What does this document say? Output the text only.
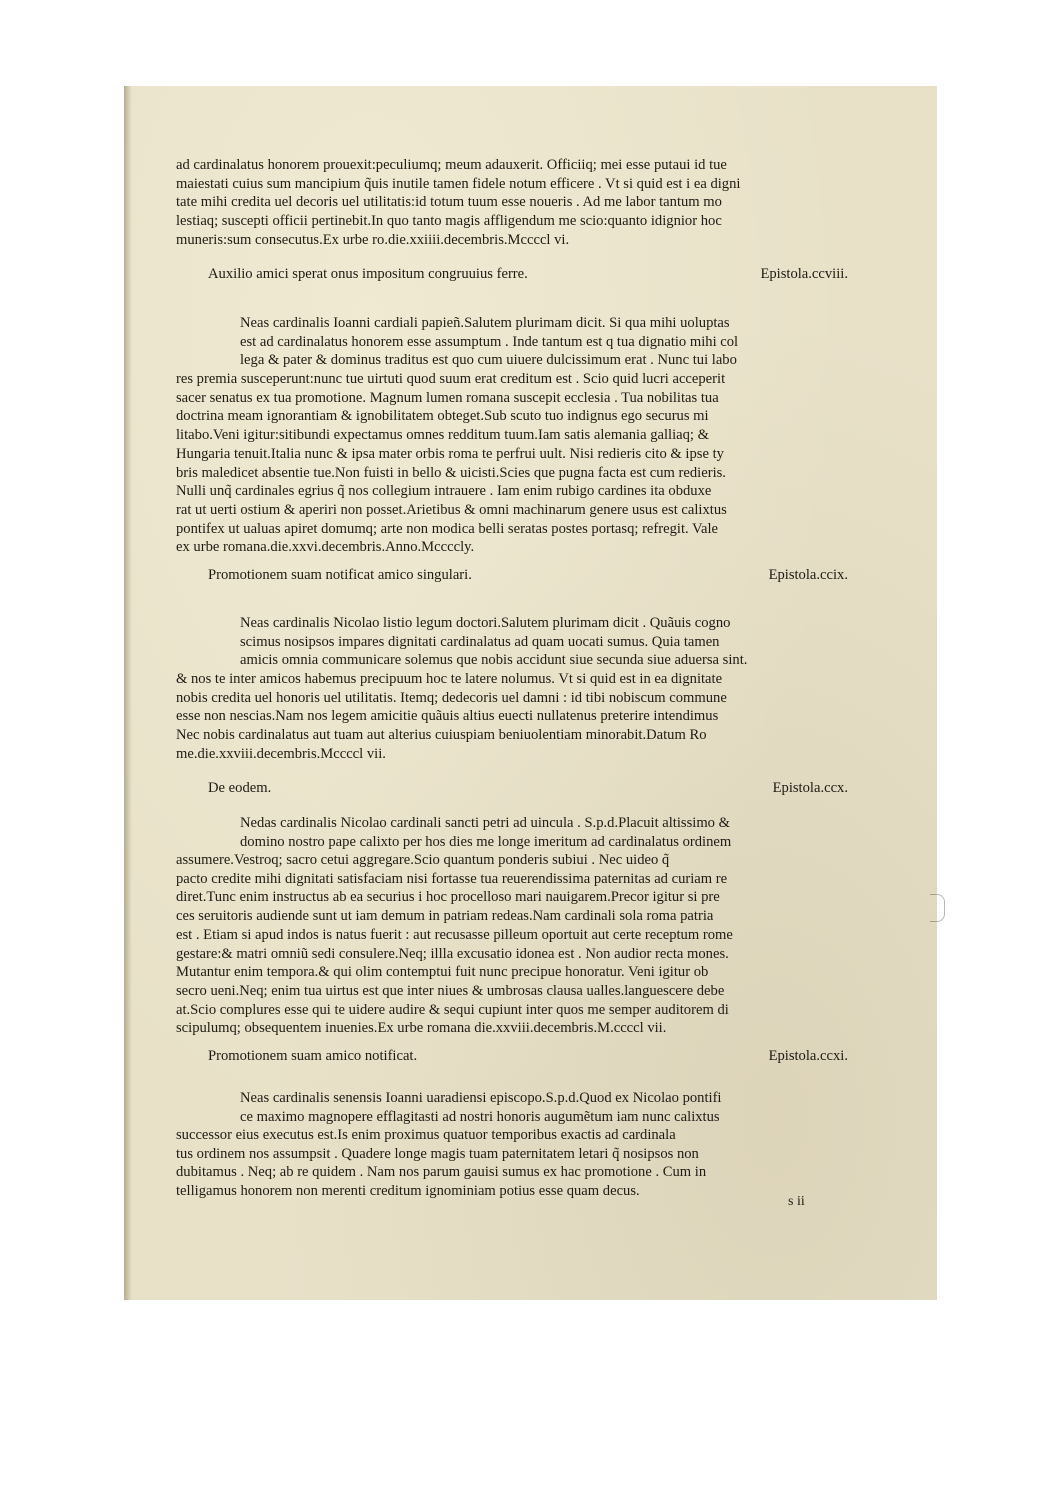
ad cardinalatus honorem prouexit:peculiumq; meum adauxerit. Officiiq; mei esse putaui id tue
maiestati cuius sum mancipium q̃uis inutile tamen fidele notum efficere . Vt si quid est i ea digni
tate mihi credita uel decoris uel utilitatis:id totum tuum esse noueris . Ad me labor tantum mo
lestiaq; suscepti officii pertinebit.In quo tanto magis affligendum me scio:quanto idignior hoc
muneris:sum consecutus.Ex urbe ro.die.xxiiii.decembris.Mccccl vi.
Auxilio amici sperat onus impositum congruuius ferre.	Epistola.ccviii.
Neas cardinalis Ioanni cardiali papieñ.Salutem plurimam dicit. Si qua mihi uoluptas
est ad cardinalatus honorem esse assumptum . Inde tantum est q tua dignatio mihi col
lega & pater & dominus traditus est quo cum uiuere dulcissimum erat . Nunc tui labo
res premia susceperunt:nunc tue uirtuti quod suum erat creditum est . Scio quid lucri acceperit
sacer senatus ex tua promotione. Magnum lumen romana suscepit ecclesia . Tua nobilitas tua
doctrina meam ignorantiam & ignobilitatem obteget.Sub scuto tuo indignus ego securus mi
litabo.Veni igitur:sitibundi expectamus omnes redditum tuum.Iam satis alemania galliaq; &
Hungaria tenuit.Italia nunc & ipsa mater orbis roma te perfrui uult. Nisi redieris cito & ipse ty
bris maledicet absentie tue.Non fuisti in bello & uicisti.Scies que pugna facta est cum redieris.
Nulli unq̃ cardinales egrius q̃ nos collegium intrauere . Iam enim rubigo cardines ita obduxe
rat ut uerti ostium & aperiri non posset.Arietibus & omni machinarum genere usus est calixtus
pontifex ut ualuas apiret domumq; arte non modica belli seratas postes portasq; refregit. Vale
ex urbe romana.die.xxvi.decembris.Anno.Mccccly.
Promotionem suam notificat amico singulari.	Epistola.ccix.
Neas cardinalis Nicolao listio legum doctori.Salutem plurimam dicit . Quãuis cogno
scimus nosipsos impares dignitati cardinalatus ad quam uocati sumus. Quia tamen
amicis omnia communicare solemus que nobis accidunt siue secunda siue aduersa sint.
& nos te inter amicos habemus precipuum hoc te latere nolumus. Vt si quid est in ea dignitate
nobis credita uel honoris uel utilitatis. Itemq; dedecoris uel damni : id tibi nobiscum commune
esse non nescias.Nam nos legem amicitie quãuis altius euecti nullatenus preterire intendimus
Nec nobis cardinalatus aut tuam aut alterius cuiuspiam beniuolentiam minorabit.Datum Ro
me.die.xxviii.decembris.Mccccl vii.
De eodem.	Epistola.ccx.
Nedas cardinalis Nicolao cardinali sancti petri ad uincula . S.p.d.Placuit altissimo &
domino nostro pape calixto per hos dies me longe imeritum ad cardinalatus ordinem
assumere.Vestroq; sacro cetui aggregare.Scio quantum ponderis subiui . Nec uideo q̃
pacto credite mihi dignitati satisfaciam nisi fortasse tua reuerendissima paternitas ad curiam re
diret.Tunc enim instructus ab ea securius i hoc procelloso mari nauigarem.Precor igitur si pre
ces seruitoris audiende sunt ut iam demum in patriam redeas.Nam cardinali sola roma patria
est . Etiam si apud indos is natus fuerit : aut recusasse pilleum oportuit aut certe receptum rome
gestare:& matri omniũ sedi consulere.Neq; illla excusatio idonea est . Non audior recta mones.
Mutantur enim tempora.& qui olim contemptui fuit nunc precipue honoratur. Veni igitur ob
secro ueni.Neq; enim tua uirtus est que inter niues & umbrosas clausa ualles.languescere debe
at.Scio complures esse qui te uidere audire & sequi cupiunt inter quos me semper auditorem di
scipulumq; obsequentem inuenies.Ex urbe romana die.xxviii.decembris.M.ccccl vii.
Promotionem suam amico notificat.	Epistola.ccxi.
Neas cardinalis senensis Ioanni uaradiensi episcopo.S.p.d.Quod ex Nicolao pontifi
ce maximo magnopere efflagitasti ad nostri honoris augumẽtum iam nunc calixtus
successor eius executus est.Is enim proximus quatuor temporibus exactis ad cardinala
tus ordinem nos assumpsit . Quadere longe magis tuam paternitatem letari q̃ nosipsos non
dubitamus . Neq; ab re quidem . Nam nos parum gauisi sumus ex hac promotione . Cum in
telligamus honorem non merenti creditum ignominiam potius esse quam decus.
s ii
